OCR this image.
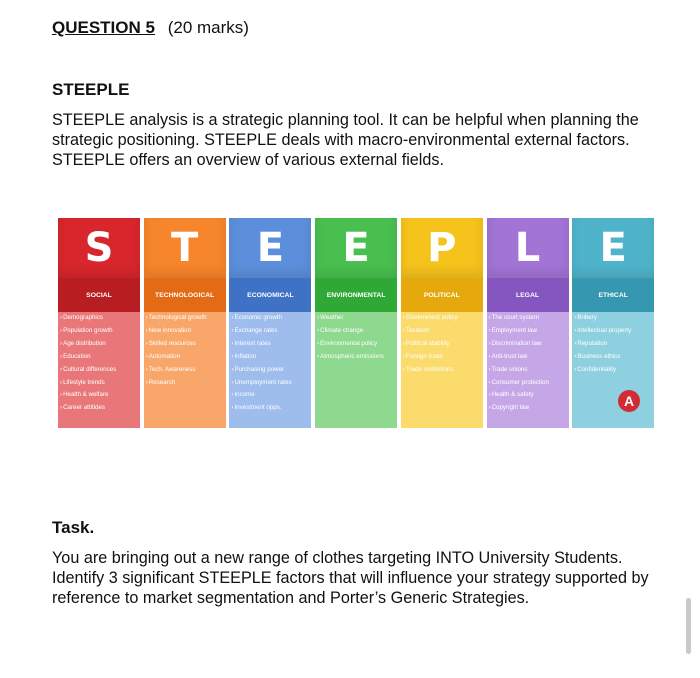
QUESTION 5 (20 marks)
STEEPLE

STEEPLE analysis is a strategic planning tool. It can be helpful when planning the strategic positioning. STEEPLE deals with macro-environmental external factors. STEEPLE offers an overview of various external fields.

S
SOCIAL
› Demographics
› Population growth
› Age distribution
› Education
› Cultural differences
› Lifestyle trends
› Health & welfare
› Career attitides
T
TECHNOLOGICAL
› Technological growth
› New innovation
› Skilled resources
› Automation
› Tech. Awareness
› Research
E
ECONOMICAL
› Economic growth
› Exchange rates
› Interest rates
› Inflation
› Purchasing power
› Unemployment rates
› Income
› Investment opps.
E
ENVIRONMENTAL
› Weather
› Climate change
› Environmental policy
› Atmospheric emissions
P
POLITICAL
› Government policy
› Taxation
› Political stability
› Foreign trade
› Trade restrictions
L
LEGAL
› The court system
› Employment law
› Discrimination law
› Anti-trust law
› Trade unions
› Consumer protection
› Health & safety
› Copyright law
E
ETHICAL
› Bribery
› Intellectual property
› Reputation
› Business ethics
› Confidentiality
A
Task.

You are bringing out a new range of clothes targeting INTO University Students. Identify 3 significant STEEPLE factors that will influence your strategy supported by reference to market segmentation and Porter’s Generic Strategies.
